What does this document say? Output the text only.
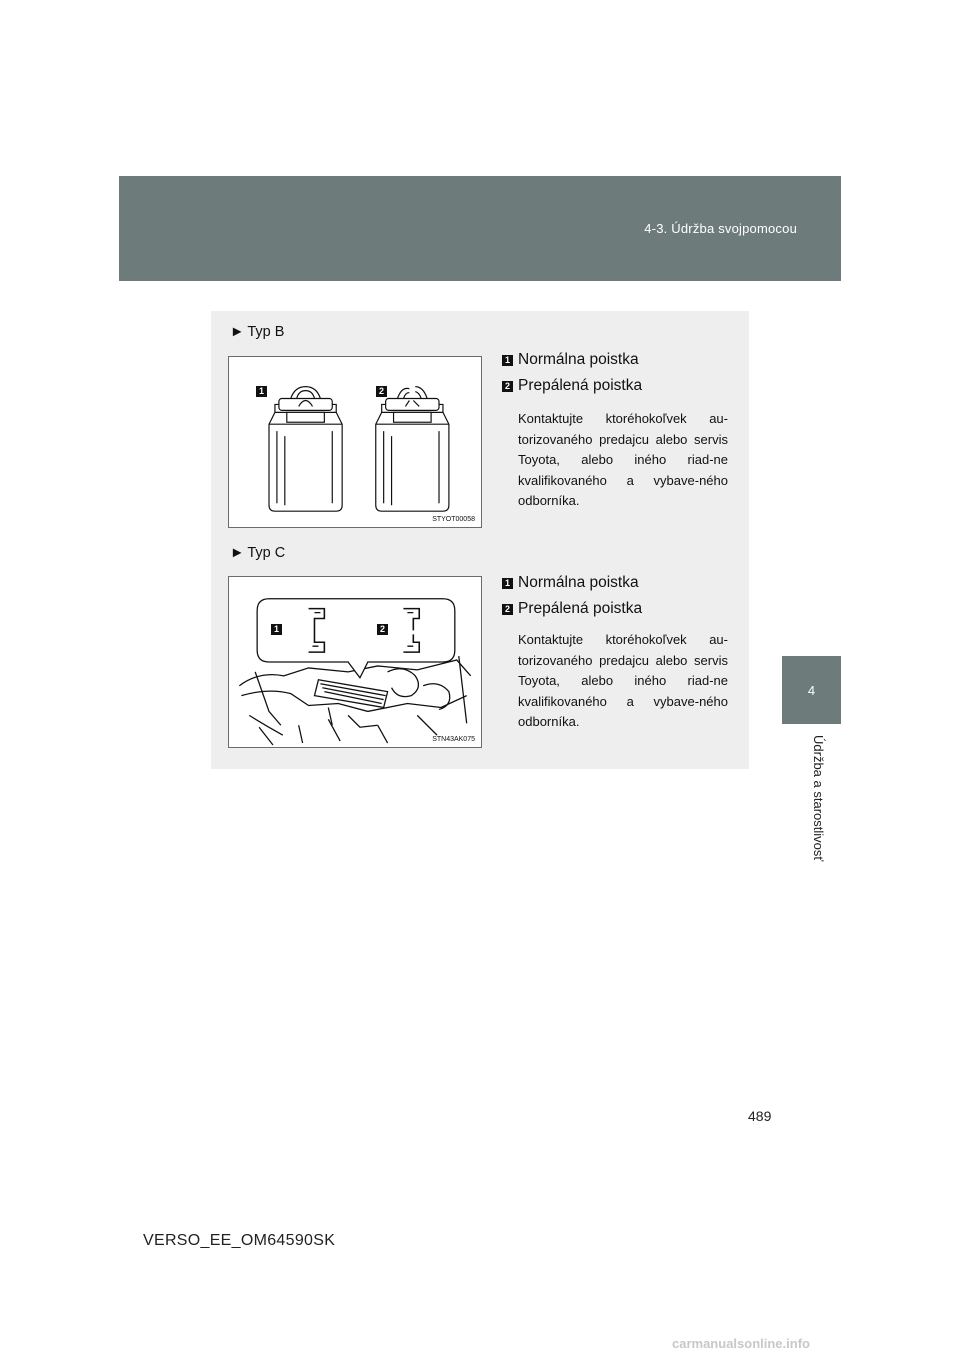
4-3. Údržba svojpomocou
4
Údržba a starostlivosť
► Typ B
1	2
STYOT00058
1 Normálna poistka
2 Prepálená poistka
Kontaktujte ktoréhokoľvek au-torizovaného predajcu alebo servis Toyota, alebo iného riad-ne kvalifikovaného a vybave-ného odborníka.
► Typ C
1	2
STN43AK075
1 Normálna poistka
2 Prepálená poistka
Kontaktujte ktoréhokoľvek au-torizovaného predajcu alebo servis Toyota, alebo iného riad-ne kvalifikovaného a vybave-ného odborníka.
489
VERSO_EE_OM64590SK
carmanualsonline.info
